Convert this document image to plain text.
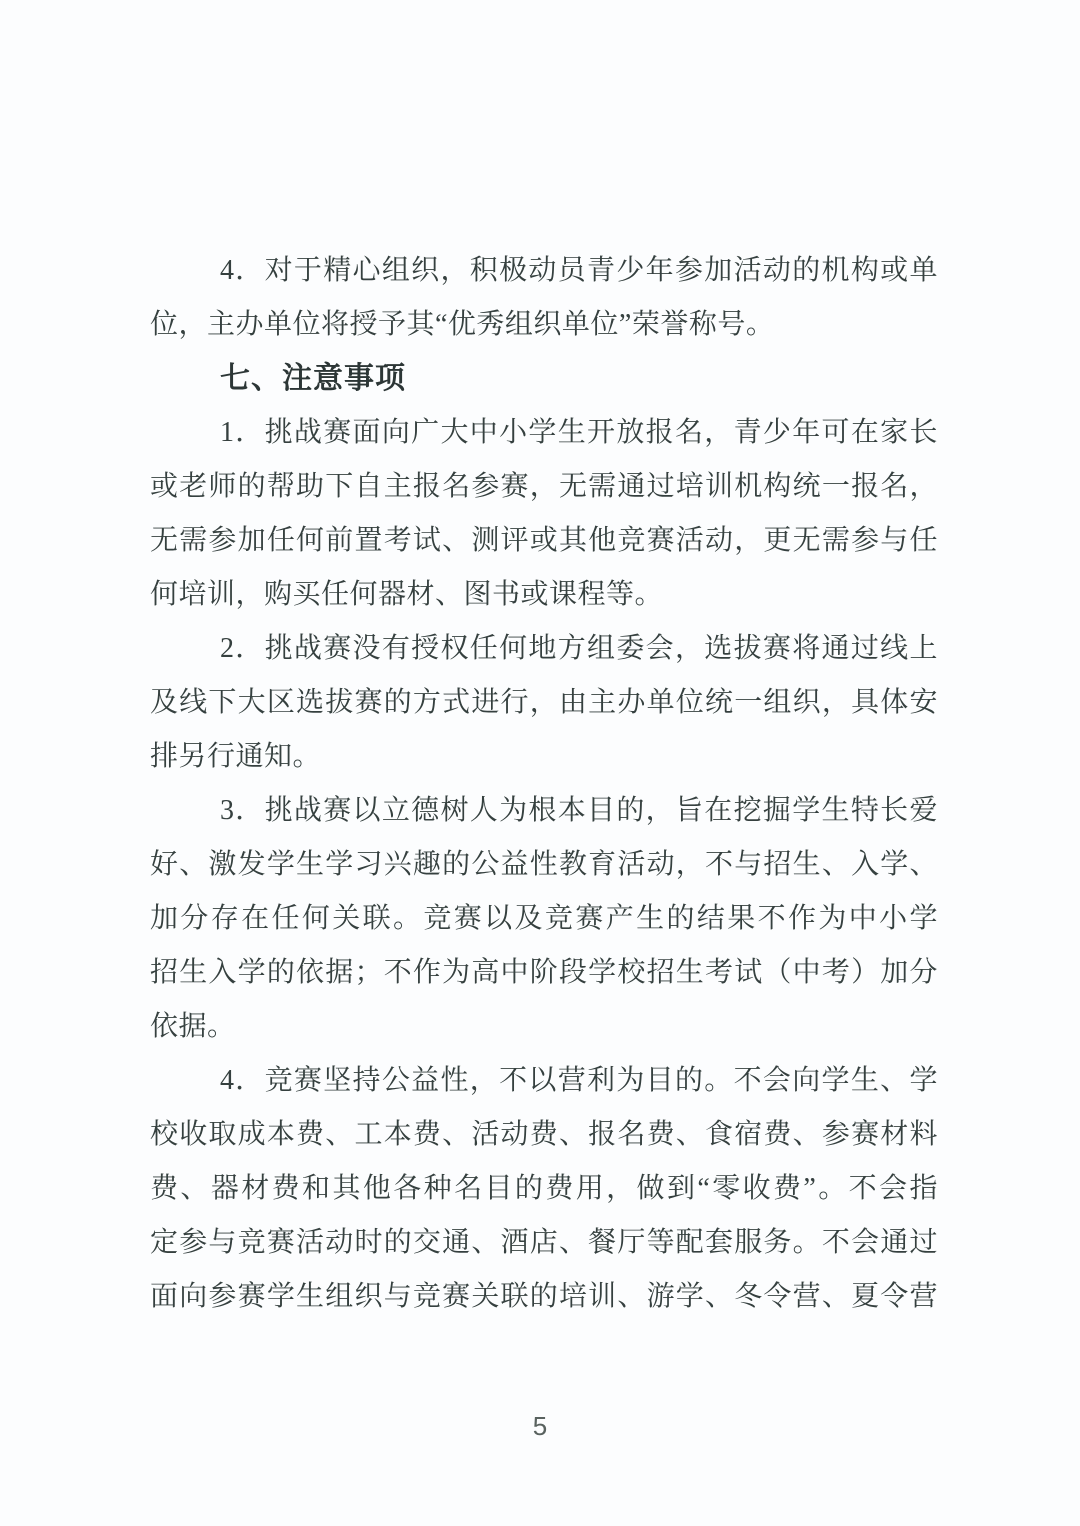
4．对于精心组织，积极动员青少年参加活动的机构或单
位，主办单位将授予其“优秀组织单位”荣誉称号。
七、注意事项
1．挑战赛面向广大中小学生开放报名，青少年可在家长
或老师的帮助下自主报名参赛，无需通过培训机构统一报名，
无需参加任何前置考试、测评或其他竞赛活动，更无需参与任
何培训，购买任何器材、图书或课程等。
2．挑战赛没有授权任何地方组委会，选拔赛将通过线上
及线下大区选拔赛的方式进行，由主办单位统一组织，具体安
排另行通知。
3．挑战赛以立德树人为根本目的，旨在挖掘学生特长爱
好、激发学生学习兴趣的公益性教育活动，不与招生、入学、
加分存在任何关联。竞赛以及竞赛产生的结果不作为中小学
招生入学的依据；不作为高中阶段学校招生考试（中考）加分
依据。
4．竞赛坚持公益性，不以营利为目的。不会向学生、学
校收取成本费、工本费、活动费、报名费、食宿费、参赛材料
费、器材费和其他各种名目的费用，做到“零收费”。不会指
定参与竞赛活动时的交通、酒店、餐厅等配套服务。不会通过
面向参赛学生组织与竞赛关联的培训、游学、冬令营、夏令营
5
